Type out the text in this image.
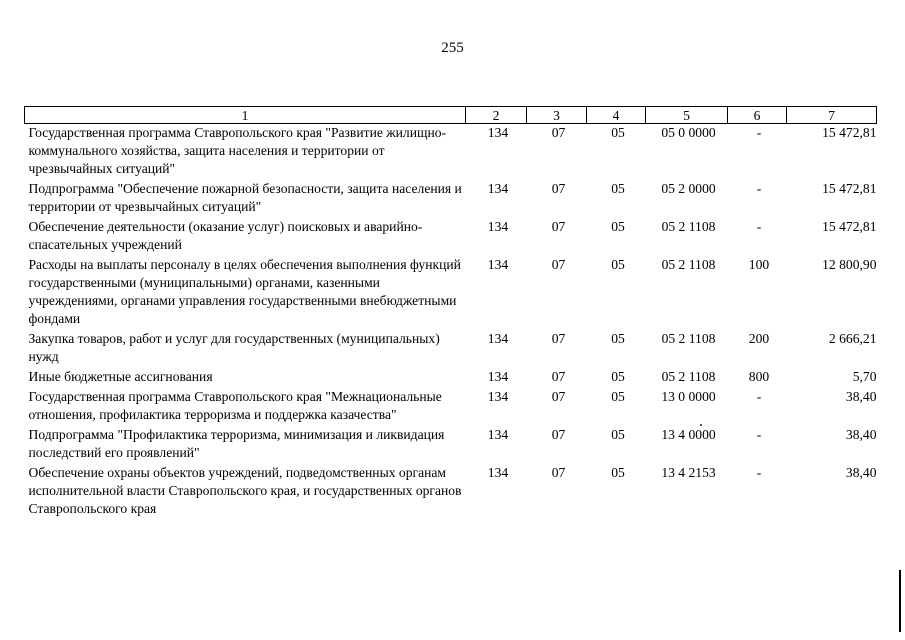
255
1	2	3	4	5	6	7
Государственная программа Ставропольского края "Развитие жилищно-коммунального хозяйства, защита населения и территории от чрезвычайных ситуаций"	134	07	05	05 0 0000	-	15 472,81
Подпрограмма "Обеспечение пожарной безопасности, защита населения и территории от чрезвычайных ситуаций"	134	07	05	05 2 0000	-	15 472,81
Обеспечение деятельности (оказание услуг) поисковых и аварийно-спасательных учреждений	134	07	05	05 2 1108	-	15 472,81
Расходы на выплаты персоналу в целях обеспечения выполнения функций государственными (муниципальными) органами, казенными учреждениями, органами управления государственными внебюджетными фондами	134	07	05	05 2 1108	100	12 800,90
Закупка товаров, работ и услуг для государственных (муниципальных) нужд	134	07	05	05 2 1108	200	2 666,21
Иные бюджетные ассигнования	134	07	05	05 2 1108	800	5,70
Государственная программа Ставропольского края "Межнациональные отношения, профилактика терроризма и поддержка казачества"	134	07	05	13 0 0000	-	38,40
Подпрограмма "Профилактика терроризма, минимизация и ликвидация последствий его проявлений"	134	07	05	13 4 0000	-	38,40
Обеспечение охраны объектов учреждений, подведомственных органам исполнительной власти Ставропольского края, и государственных органов Ставропольского края	134	07	05	13 4 2153	-	38,40
